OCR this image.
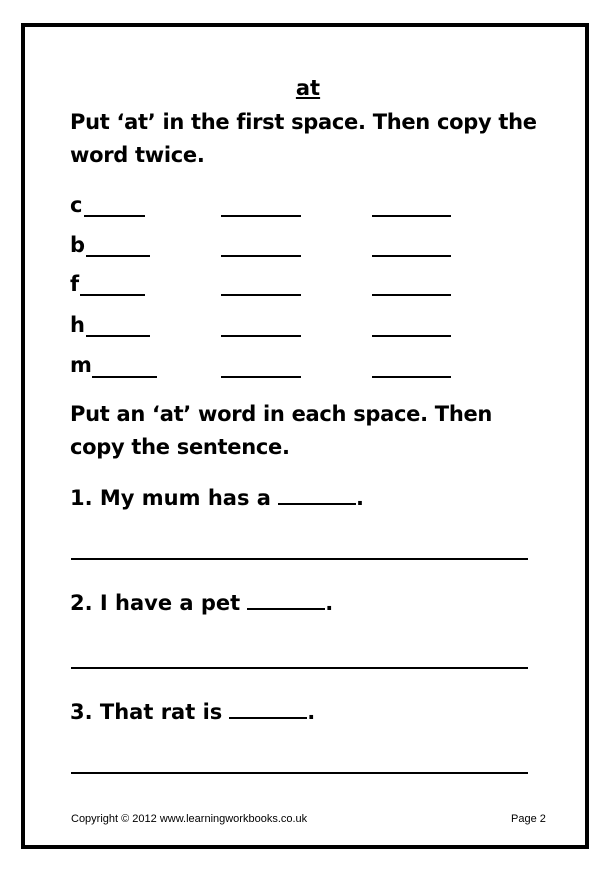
at
Put ‘at’ in the first space. Then copy the word twice.
c
b
f
h
m
Put an ‘at’ word in each space. Then copy the sentence.
1. My mum has a	.
2. I have a pet	.
3. That rat is	.
Copyright © 2012 www.learningworkbooks.co.uk	Page 2
